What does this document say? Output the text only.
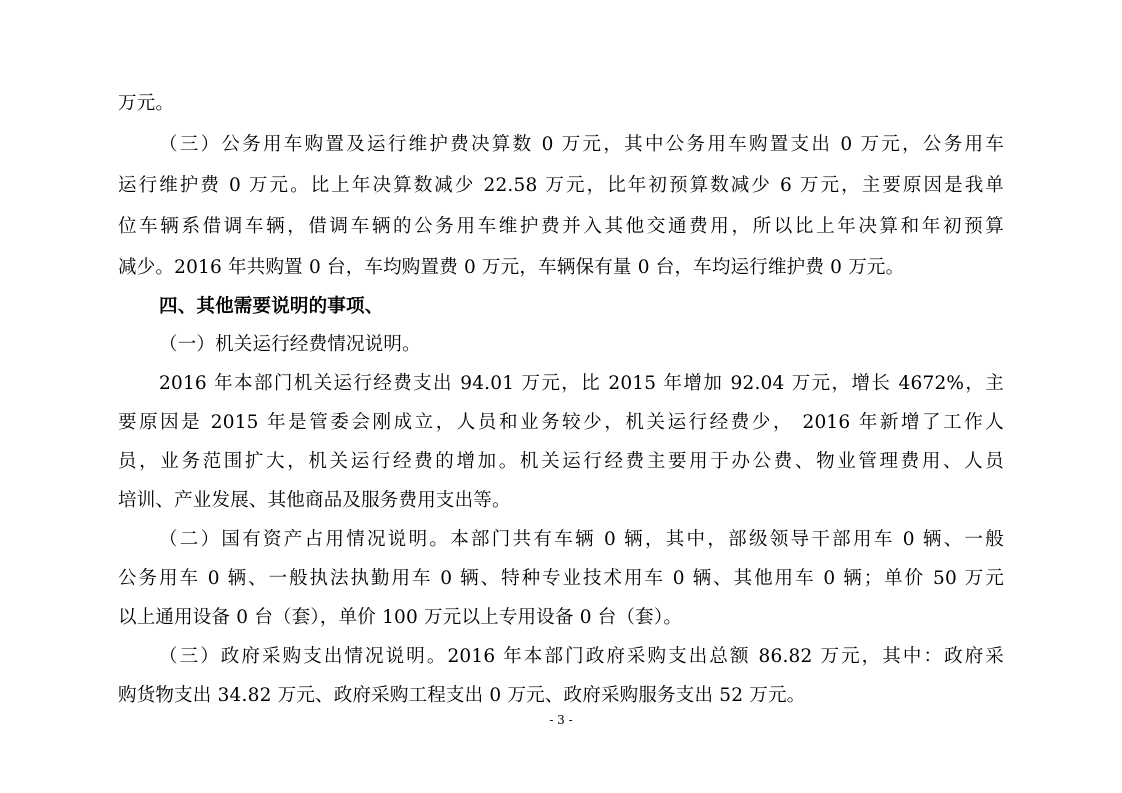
万元。
（三）公务用车购置及运行维护费决算数 0 万元，其中公务用车购置支出 0 万元，公务用车
运行维护费 0 万元。比上年决算数减少 22.58 万元，比年初预算数减少 6 万元，主要原因是我单
位车辆系借调车辆，借调车辆的公务用车维护费并入其他交通费用，所以比上年决算和年初预算
减少。2016 年共购置 0 台，车均购置费 0 万元，车辆保有量 0 台，车均运行维护费 0 万元。
四、其他需要说明的事项、
（一）机关运行经费情况说明。
2016 年本部门机关运行经费支出 94.01 万元，比 2015 年增加 92.04 万元，增长 4672%，主
要原因是 2015 年是管委会刚成立，人员和业务较少，机关运行经费少， 2016 年新增了工作人
员，业务范围扩大，机关运行经费的增加。机关运行经费主要用于办公费、物业管理费用、人员
培训、产业发展、其他商品及服务费用支出等。
（二）国有资产占用情况说明。本部门共有车辆 0 辆，其中，部级领导干部用车 0 辆、一般
公务用车 0 辆、一般执法执勤用车 0 辆、特种专业技术用车 0 辆、其他用车 0 辆；单价 50 万元
以上通用设备 0 台（套），单价 100 万元以上专用设备 0 台（套）。
（三）政府采购支出情况说明。2016 年本部门政府采购支出总额 86.82 万元，其中：政府采
购货物支出 34.82 万元、政府采购工程支出 0 万元、政府采购服务支出 52 万元。
- 3 -
